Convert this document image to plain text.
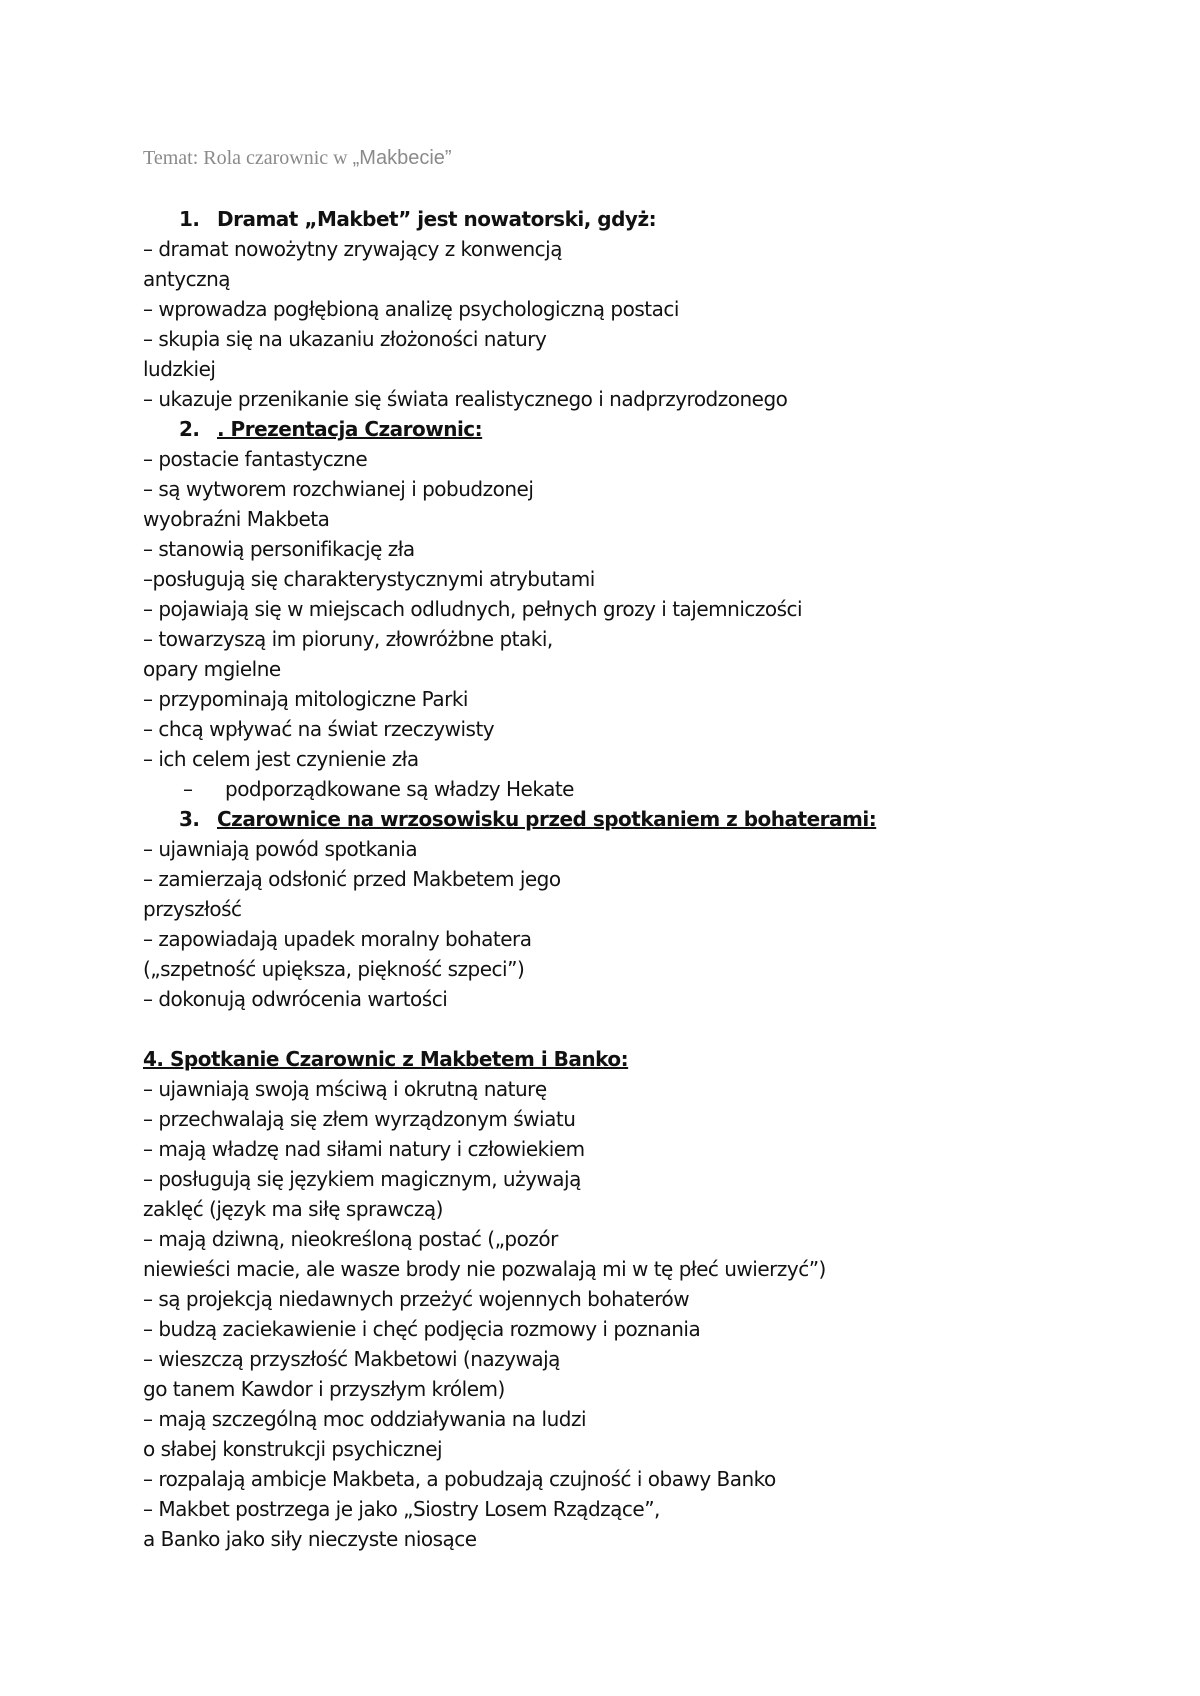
Temat: Rola czarownic w „Makbecie”
1. Dramat „Makbet” jest nowatorski, gdyż:
– dramat nowożytny zrywający z konwencją
antyczną
– wprowadza pogłębioną analizę psychologiczną postaci
– skupia się na ukazaniu złożoności natury
ludzkiej
– ukazuje przenikanie się świata realistycznego i nadprzyrodzonego
2. . Prezentacja Czarownic:
– postacie fantastyczne
– są wytworem rozchwianej i pobudzonej
wyobraźni Makbeta
– stanowią personifikację zła
–posługują się charakterystycznymi atrybutami
– pojawiają się w miejscach odludnych, pełnych grozy i tajemniczości
– towarzyszą im pioruny, złowróżbne ptaki,
opary mgielne
– przypominają mitologiczne Parki
– chcą wpływać na świat rzeczywisty
– ich celem jest czynienie zła
– podporządkowane są władzy Hekate
3. Czarownice na wrzosowisku przed spotkaniem z bohaterami:
– ujawniają powód spotkania
– zamierzają odsłonić przed Makbetem jego
przyszłość
– zapowiadają upadek moralny bohatera
(„szpetność upiększa, piękność szpeci”)
– dokonują odwrócenia wartości
4. Spotkanie Czarownic z Makbetem i Banko:
– ujawniają swoją mściwą i okrutną naturę
– przechwalają się złem wyrządzonym światu
– mają władzę nad siłami natury i człowiekiem
– posługują się językiem magicznym, używają
zaklęć (język ma siłę sprawczą)
– mają dziwną, nieokreśloną postać („pozór
niewieści macie, ale wasze brody nie pozwalają mi w tę płeć uwierzyć”)
– są projekcją niedawnych przeżyć wojennych bohaterów
– budzą zaciekawienie i chęć podjęcia rozmowy i poznania
– wieszczą przyszłość Makbetowi (nazywają
go tanem Kawdor i przyszłym królem)
– mają szczególną moc oddziaływania na ludzi
o słabej konstrukcji psychicznej
– rozpalają ambicje Makbeta, a pobudzają czujność i obawy Banko
– Makbet postrzega je jako „Siostry Losem Rządzące”,
a Banko jako siły nieczyste niosące
